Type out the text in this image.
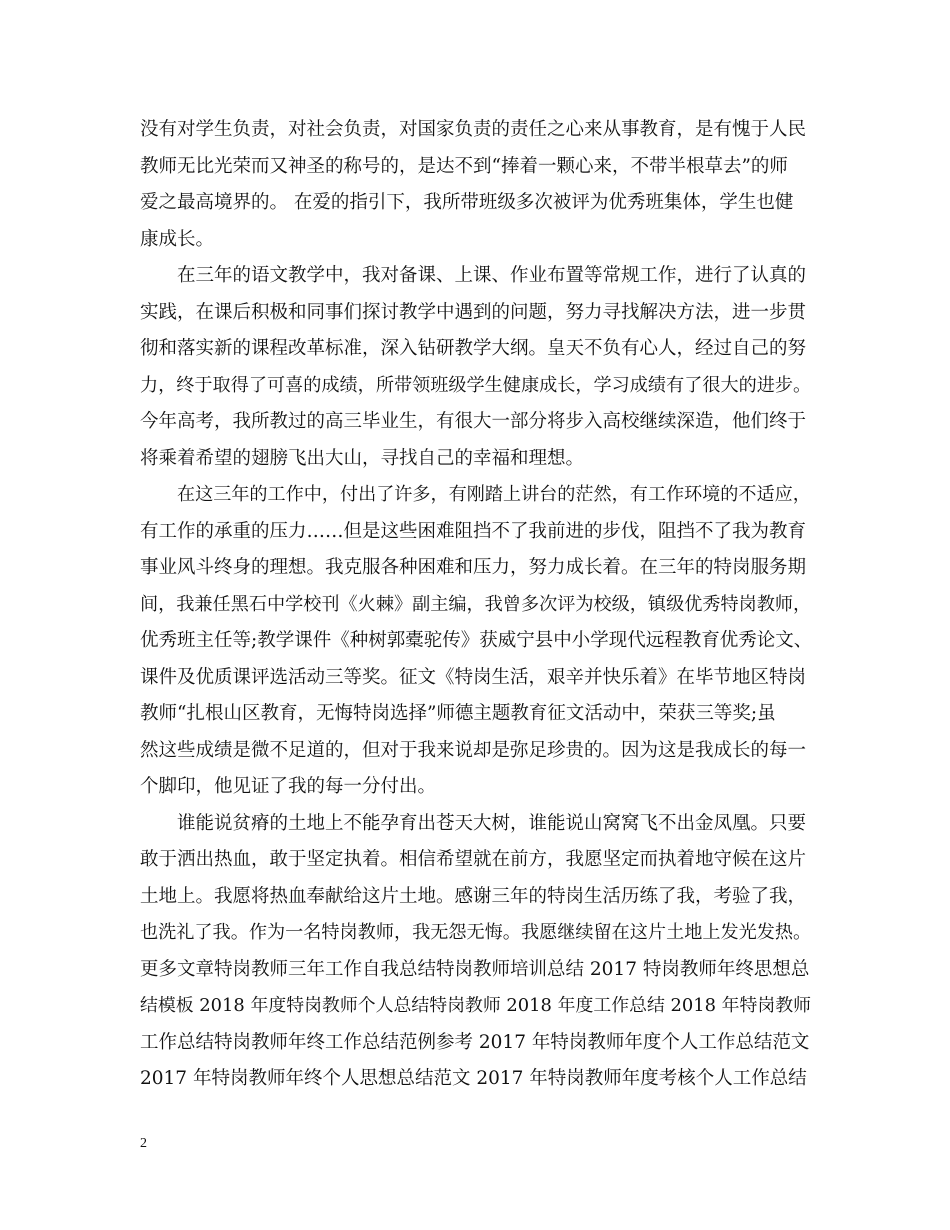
没有对学生负责，对社会负责，对国家负责的责任之心来从事教育，是有愧于人民
教师无比光荣而又神圣的称号的，是达不到“捧着一颗心来，不带半根草去”的师
爱之最高境界的。 在爱的指引下，我所带班级多次被评为优秀班集体，学生也健
康成长。
在三年的语文教学中，我对备课、上课、作业布置等常规工作，进行了认真的
实践，在课后积极和同事们探讨教学中遇到的问题，努力寻找解决方法，进一步贯
彻和落实新的课程改革标准，深入钻研教学大纲。皇天不负有心人，经过自己的努
力，终于取得了可喜的成绩，所带领班级学生健康成长，学习成绩有了很大的进步。
今年高考，我所教过的高三毕业生，有很大一部分将步入高校继续深造，他们终于
将乘着希望的翅膀飞出大山，寻找自己的幸福和理想。
在这三年的工作中，付出了许多，有刚踏上讲台的茫然，有工作环境的不适应，
有工作的承重的压力……但是这些困难阻挡不了我前进的步伐，阻挡不了我为教育
事业风斗终身的理想。我克服各种困难和压力，努力成长着。在三年的特岗服务期
间，我兼任黑石中学校刊《火棘》副主编，我曾多次评为校级，镇级优秀特岗教师，
优秀班主任等;教学课件《种树郭橐驼传》获威宁县中小学现代远程教育优秀论文、
课件及优质课评选活动三等奖。征文《特岗生活，艰辛并快乐着》在毕节地区特岗
教师“扎根山区教育，无悔特岗选择”师德主题教育征文活动中，荣获三等奖;虽
然这些成绩是微不足道的，但对于我来说却是弥足珍贵的。因为这是我成长的每一
个脚印，他见证了我的每一分付出。
谁能说贫瘠的土地上不能孕育出苍天大树，谁能说山窝窝飞不出金凤凰。只要
敢于洒出热血，敢于坚定执着。相信希望就在前方，我愿坚定而执着地守候在这片
土地上。我愿将热血奉献给这片土地。感谢三年的特岗生活历练了我，考验了我，
也洗礼了我。作为一名特岗教师，我无怨无悔。我愿继续留在这片土地上发光发热。
更多文章特岗教师三年工作自我总结特岗教师培训总结 2017 特岗教师年终思想总
结模板 2018 年度特岗教师个人总结特岗教师 2018 年度工作总结 2018 年特岗教师
工作总结特岗教师年终工作总结范例参考 2017 年特岗教师年度个人工作总结范文
2017 年特岗教师年终个人思想总结范文 2017 年特岗教师年度考核个人工作总结
2
